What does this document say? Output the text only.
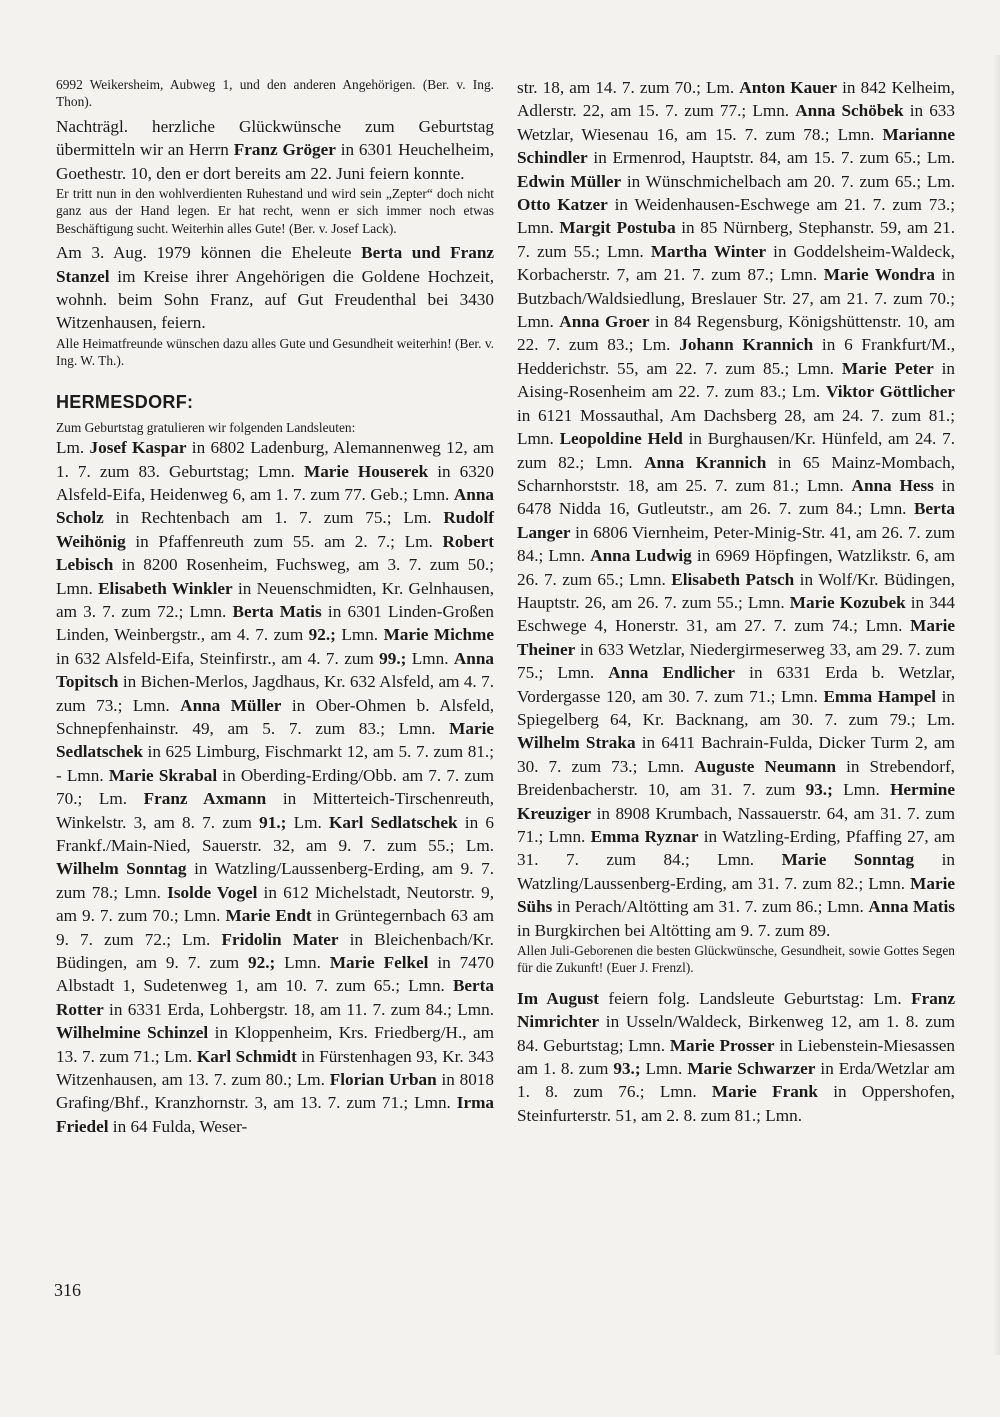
6992 Weikersheim, Aubweg 1, und den anderen Angehörigen. (Ber. v. Ing. Thon).

Nachträgl. herzliche Glückwünsche zum Geburtstag übermitteln wir an Herrn Franz Gröger in 6301 Heuchelheim, Goethestr. 10, den er dort bereits am 22. Juni feiern konnte.

Er tritt nun in den wohlverdienten Ruhestand und wird sein „Zepter“ doch nicht ganz aus der Hand legen. Er hat recht, wenn er sich immer noch etwas Beschäftigung sucht. Weiterhin alles Gute! (Ber. v. Josef Lack).

Am 3. Aug. 1979 können die Eheleute Berta und Franz Stanzel im Kreise ihrer Angehörigen die Goldene Hochzeit, wohnh. beim Sohn Franz, auf Gut Freudenthal bei 3430 Witzenhausen, feiern.

Alle Heimatfreunde wünschen dazu alles Gute und Gesundheit weiterhin! (Ber. v. Ing. W. Th.).

HERMESDORF:

Zum Geburtstag gratulieren wir folgenden Landsleuten:

Lm. Josef Kaspar in 6802 Ladenburg, Alemannenweg 12, am 1. 7. zum 83. Geburtstag; Lmn. Marie Houserek in 6320 Alsfeld-Eifa, Heidenweg 6, am 1. 7. zum 77. Geb.; Lmn. Anna Scholz in Rechtenbach am 1. 7. zum 75.; Lm. Rudolf Weihönig in Pfaffenreuth zum 55. am 2. 7.; Lm. Robert Lebisch in 8200 Rosenheim, Fuchsweg, am 3. 7. zum 50.; Lmn. Elisabeth Winkler in Neuenschmidten, Kr. Gelnhausen, am 3. 7. zum 72.; Lmn. Berta Matis in 6301 Linden-Großen Linden, Weinbergstr., am 4. 7. zum 92.; Lmn. Marie Michme in 632 Alsfeld-Eifa, Steinfirstr., am 4. 7. zum 99.; Lmn. Anna Topitsch in Bichen-Merlos, Jagdhaus, Kr. 632 Alsfeld, am 4. 7. zum 73.; Lmn. Anna Müller in Ober-Ohmen b. Alsfeld, Schnepfenhainstr. 49, am 5. 7. zum 83.; Lmn. Marie Sedlatschek in 625 Limburg, Fischmarkt 12, am 5. 7. zum 81.; - Lmn. Marie Skrabal in Oberding-Erding/Obb. am 7. 7. zum 70.; Lm. Franz Axmann in Mitterteich-Tirschenreuth, Winkelstr. 3, am 8. 7. zum 91.; Lm. Karl Sedlatschek in 6 Frankf./Main-Nied, Sauerstr. 32, am 9. 7. zum 55.; Lm. Wilhelm Sonntag in Watzling/Laussenberg-Erding, am 9. 7. zum 78.; Lmn. Isolde Vogel in 612 Michelstadt, Neutorstr. 9, am 9. 7. zum 70.; Lmn. Marie Endt in Grüntegernbach 63 am 9. 7. zum 72.; Lm. Fridolin Mater in Bleichenbach/Kr. Büdingen, am 9. 7. zum 92.; Lmn. Marie Felkel in 7470 Albstadt 1, Sudetenweg 1, am 10. 7. zum 65.; Lmn. Berta Rotter in 6331 Erda, Lohbergstr. 18, am 11. 7. zum 84.; Lmn. Wilhelmine Schinzel in Kloppenheim, Krs. Friedberg/H., am 13. 7. zum 71.; Lm. Karl Schmidt in Fürstenhagen 93, Kr. 343 Witzenhausen, am 13. 7. zum 80.; Lm. Florian Urban in 8018 Grafing/Bhf., Kranzhornstr. 3, am 13. 7. zum 71.; Lmn. Irma Friedel in 64 Fulda, Weser-

str. 18, am 14. 7. zum 70.; Lm. Anton Kauer in 842 Kelheim, Adlerstr. 22, am 15. 7. zum 77.; Lmn. Anna Schöbek in 633 Wetzlar, Wiesenau 16, am 15. 7. zum 78.; Lmn. Marianne Schindler in Ermenrod, Hauptstr. 84, am 15. 7. zum 65.; Lm. Edwin Müller in Wünschmichelbach am 20. 7. zum 65.; Lm. Otto Katzer in Weidenhausen-Eschwege am 21. 7. zum 73.; Lmn. Margit Postuba in 85 Nürnberg, Stephanstr. 59, am 21. 7. zum 55.; Lmn. Martha Winter in Goddelsheim-Waldeck, Korbacherstr. 7, am 21. 7. zum 87.; Lmn. Marie Wondra in Butzbach/Waldsiedlung, Breslauer Str. 27, am 21. 7. zum 70.; Lmn. Anna Groer in 84 Regensburg, Königshüttenstr. 10, am 22. 7. zum 83.; Lm. Johann Krannich in 6 Frankfurt/M., Hedderichstr. 55, am 22. 7. zum 85.; Lmn. Marie Peter in Aising-Rosenheim am 22. 7. zum 83.; Lm. Viktor Göttlicher in 6121 Mossauthal, Am Dachsberg 28, am 24. 7. zum 81.; Lmn. Leopoldine Held in Burghausen/Kr. Hünfeld, am 24. 7. zum 82.; Lmn. Anna Krannich in 65 Mainz-Mombach, Scharnhorststr. 18, am 25. 7. zum 81.; Lmn. Anna Hess in 6478 Nidda 16, Gutleutstr., am 26. 7. zum 84.; Lmn. Berta Langer in 6806 Viernheim, Peter-Minig-Str. 41, am 26. 7. zum 84.; Lmn. Anna Ludwig in 6969 Höpfingen, Watzlikstr. 6, am 26. 7. zum 65.; Lmn. Elisabeth Patsch in Wolf/Kr. Büdingen, Hauptstr. 26, am 26. 7. zum 55.; Lmn. Marie Kozubek in 344 Eschwege 4, Honerstr. 31, am 27. 7. zum 74.; Lmn. Marie Theiner in 633 Wetzlar, Niedergirmeserweg 33, am 29. 7. zum 75.; Lmn. Anna Endlicher in 6331 Erda b. Wetzlar, Vordergasse 120, am 30. 7. zum 71.; Lmn. Emma Hampel in Spiegelberg 64, Kr. Backnang, am 30. 7. zum 79.; Lm. Wilhelm Straka in 6411 Bachrain-Fulda, Dicker Turm 2, am 30. 7. zum 73.; Lmn. Auguste Neumann in Strebendorf, Breidenbacherstr. 10, am 31. 7. zum 93.; Lmn. Hermine Kreuziger in 8908 Krumbach, Nassauerstr. 64, am 31. 7. zum 71.; Lmn. Emma Ryznar in Watzling-Erding, Pfaffing 27, am 31. 7. zum 84.; Lmn. Marie Sonntag in Watzling/Laussenberg-Erding, am 31. 7. zum 82.; Lmn. Marie Sühs in Perach/Altötting am 31. 7. zum 86.; Lmn. Anna Matis in Burgkirchen bei Altötting am 9. 7. zum 89.

Allen Juli-Geborenen die besten Glückwünsche, Gesundheit, sowie Gottes Segen für die Zukunft! (Euer J. Frenzl).

Im August feiern folg. Landsleute Geburtstag: Lm. Franz Nimrichter in Usseln/Waldeck, Birkenweg 12, am 1. 8. zum 84. Geburtstag; Lmn. Marie Prosser in Liebenstein-Miesassen am 1. 8. zum 93.; Lmn. Marie Schwarzer in Erda/Wetzlar am 1. 8. zum 76.; Lmn. Marie Frank in Oppershofen, Steinfurterstr. 51, am 2. 8. zum 81.; Lmn.

316
